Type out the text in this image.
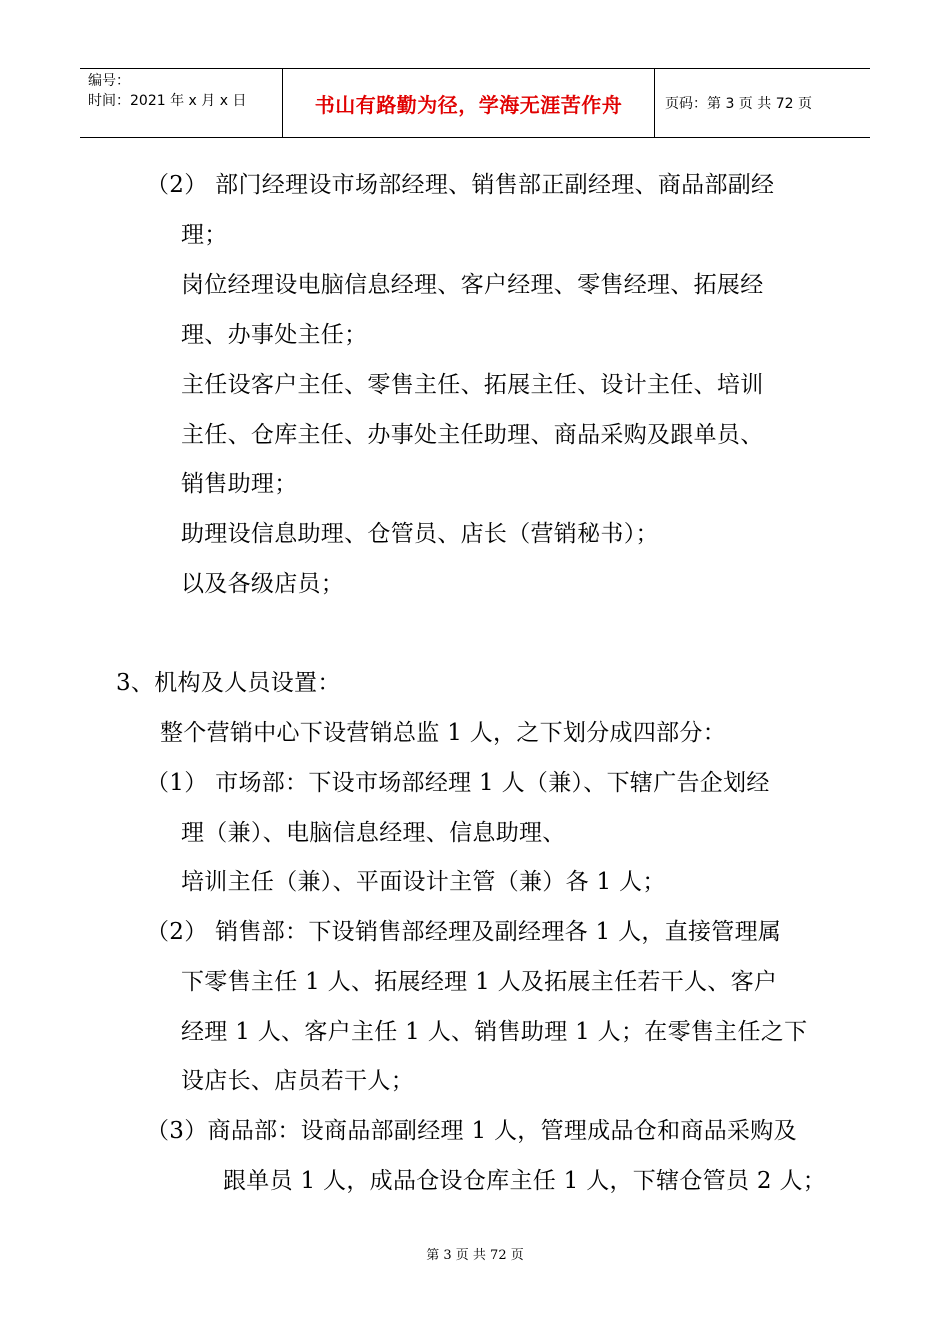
编号：
时间：2021 年 x 月 x 日	书山有路勤为径，学海无涯苦作舟	页码：第 3 页 共 72 页
（2） 部门经理设市场部经理、销售部正副经理、商品部副经
理；
岗位经理设电脑信息经理、客户经理、零售经理、拓展经
理、办事处主任；
主任设客户主任、零售主任、拓展主任、设计主任、培训
主任、仓库主任、办事处主任助理、商品采购及跟单员、
销售助理；
助理设信息助理、仓管员、店长（营销秘书）；
以及各级店员；
3、机构及人员设置：
整个营销中心下设营销总监 1 人，之下划分成四部分：
（1） 市场部：下设市场部经理 1 人（兼）、下辖广告企划经
理（兼）、电脑信息经理、信息助理、
培训主任（兼）、平面设计主管（兼）各 1 人；
（2） 销售部：下设销售部经理及副经理各 1 人，直接管理属
下零售主任 1 人、拓展经理 1 人及拓展主任若干人、客户
经理 1 人、客户主任 1 人、销售助理 1 人；在零售主任之下
设店长、店员若干人；
（3）商品部：设商品部副经理 1 人，管理成品仓和商品采购及
跟单员 1 人，成品仓设仓库主任 1 人，下辖仓管员 2 人；
第 3 页 共 72 页
